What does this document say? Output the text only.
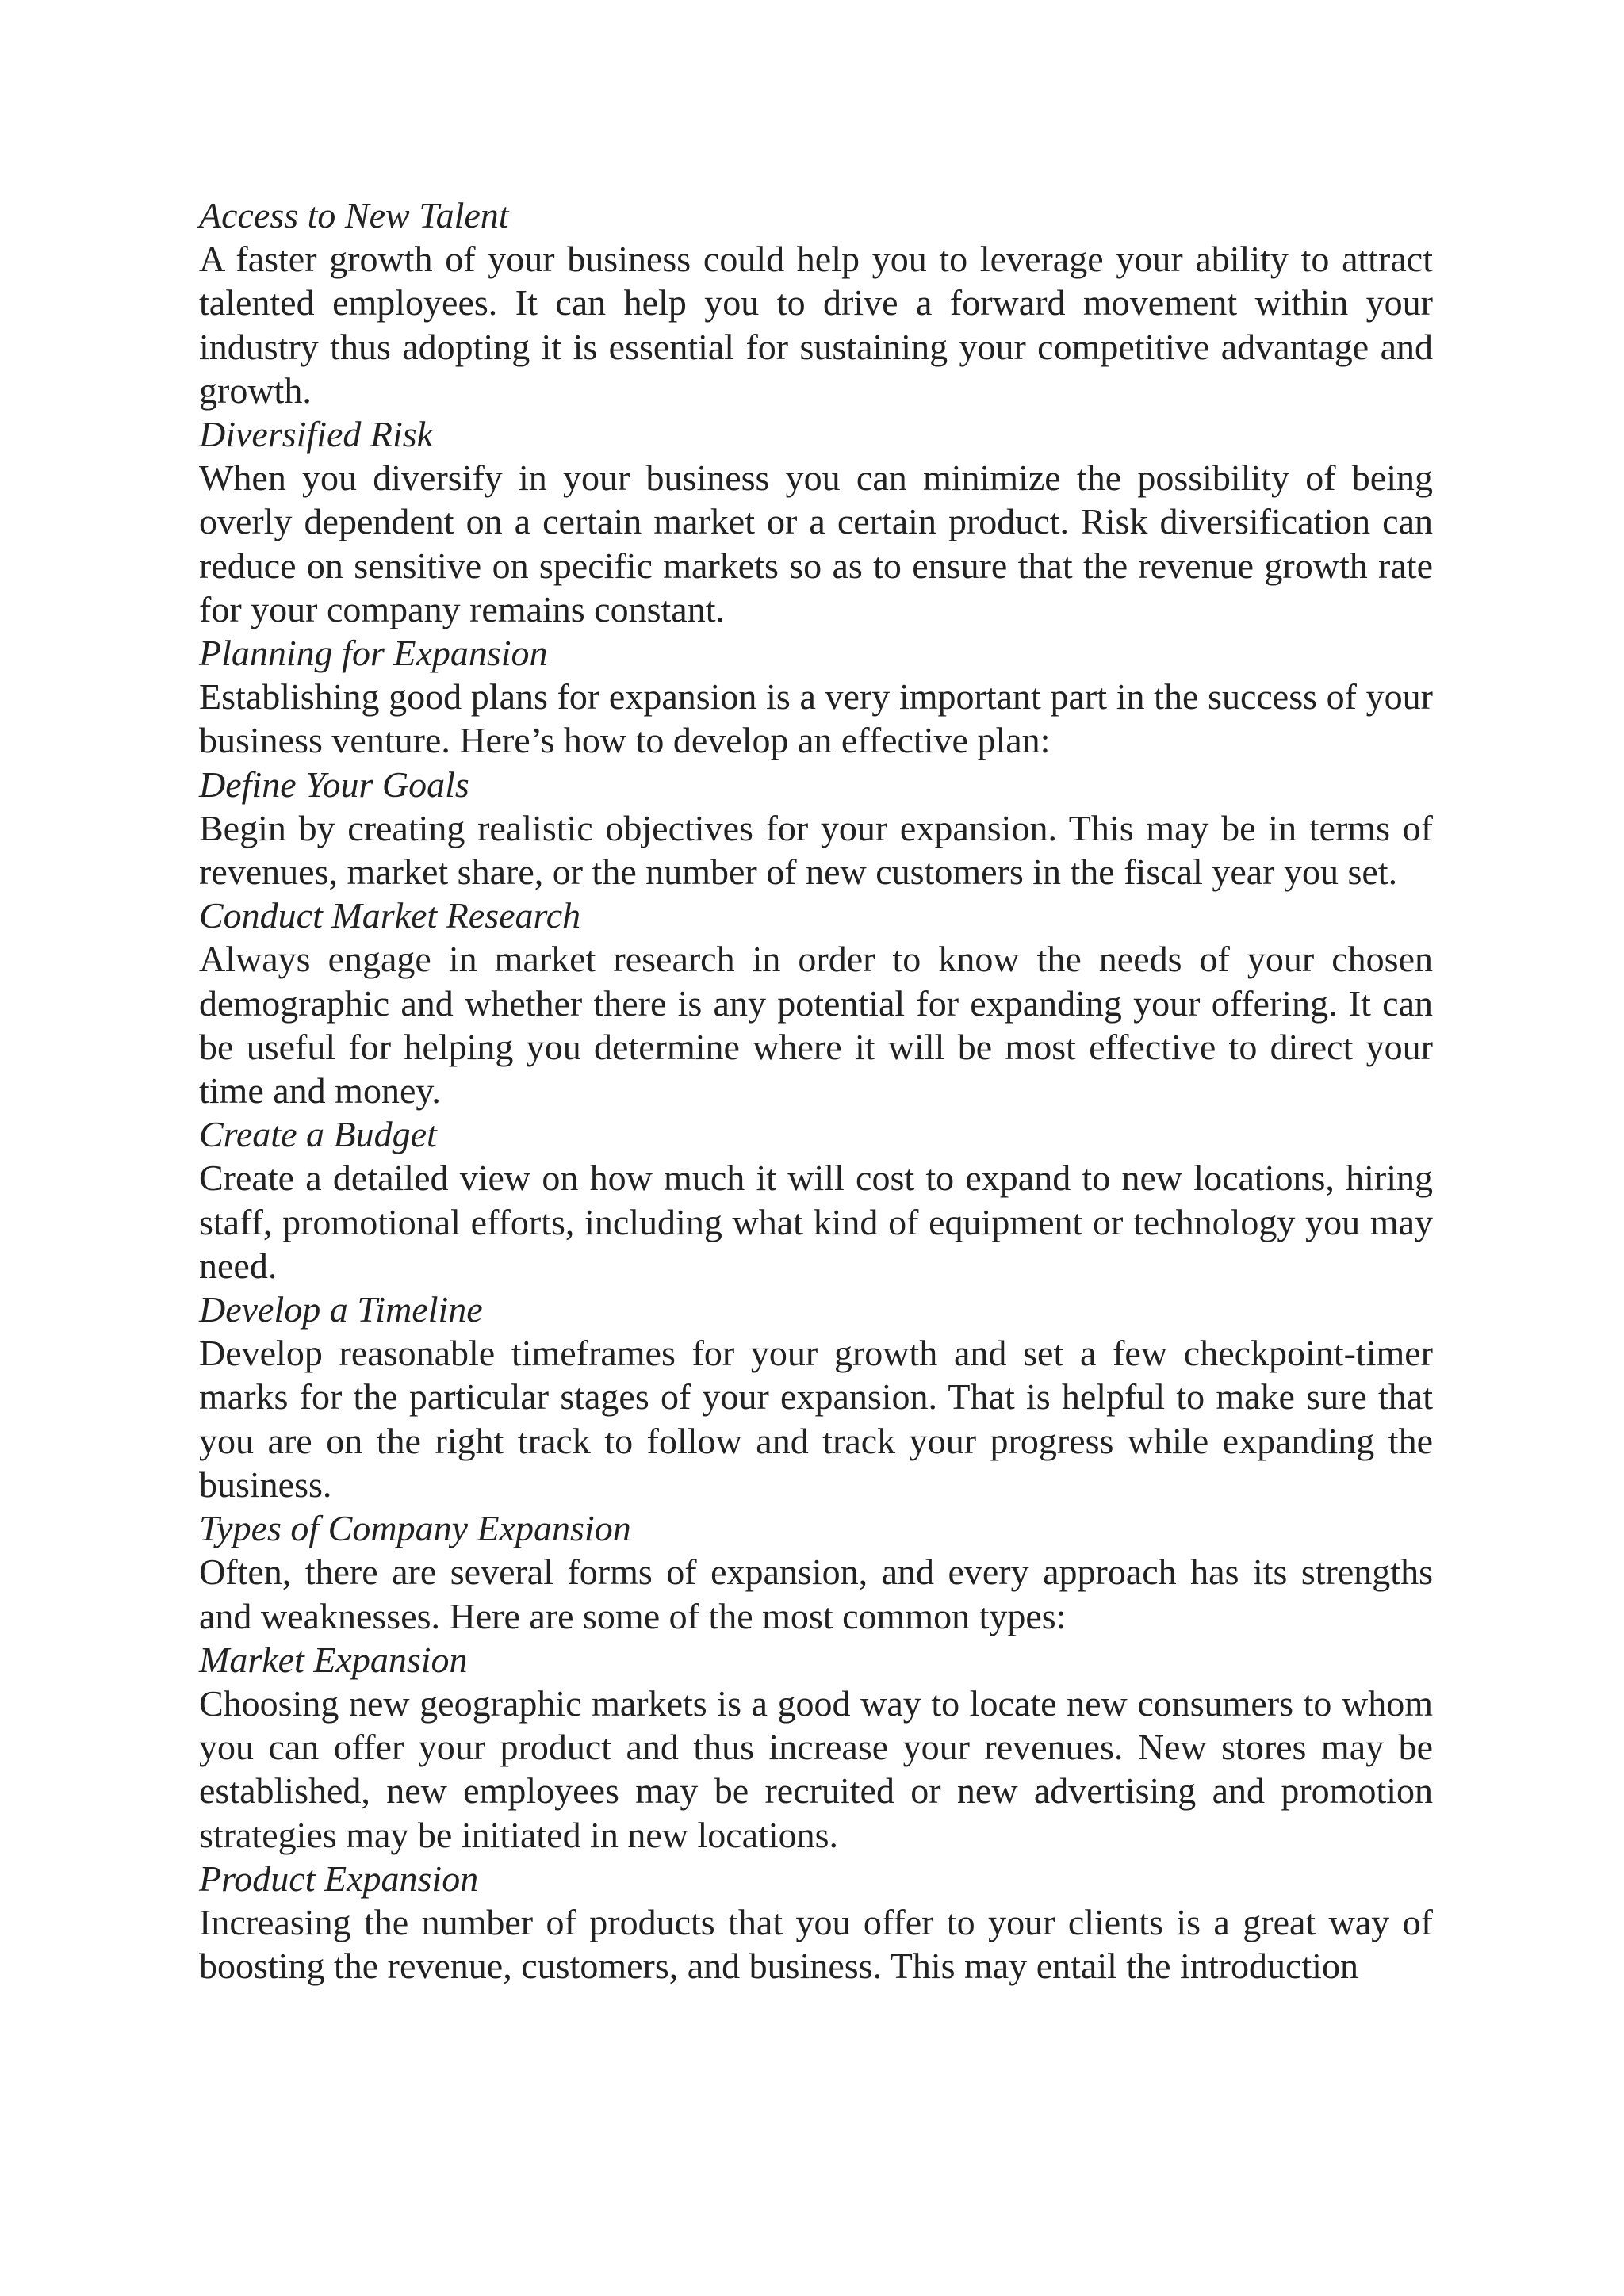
Access to New Talent

A faster growth of your business could help you to leverage your ability to attract talented employees. It can help you to drive a forward movement within your industry thus adopting it is essential for sustaining your competitive advantage and growth.

Diversified Risk

When you diversify in your business you can minimize the possibility of being overly dependent on a certain market or a certain product. Risk diversification can reduce on sensitive on specific markets so as to ensure that the revenue growth rate for your company remains constant.

Planning for Expansion

Establishing good plans for expansion is a very important part in the success of your business venture. Here’s how to develop an effective plan:

Define Your Goals

Begin by creating realistic objectives for your expansion. This may be in terms of revenues, market share, or the number of new customers in the fiscal year you set.

Conduct Market Research

Always engage in market research in order to know the needs of your chosen demographic and whether there is any potential for expanding your offering. It can be useful for helping you determine where it will be most effective to direct your time and money.

Create a Budget

Create a detailed view on how much it will cost to expand to new locations, hiring staff, promotional efforts, including what kind of equipment or technology you may need.

Develop a Timeline

Develop reasonable timeframes for your growth and set a few checkpoint-timer marks for the particular stages of your expansion. That is helpful to make sure that you are on the right track to follow and track your progress while expanding the business.

Types of Company Expansion

Often, there are several forms of expansion, and every approach has its strengths and weaknesses. Here are some of the most common types:

Market Expansion

Choosing new geographic markets is a good way to locate new consumers to whom you can offer your product and thus increase your revenues. New stores may be established, new employees may be recruited or new advertising and promotion strategies may be initiated in new locations.

Product Expansion

Increasing the number of products that you offer to your clients is a great way of boosting the revenue, customers, and business. This may entail the introduction
